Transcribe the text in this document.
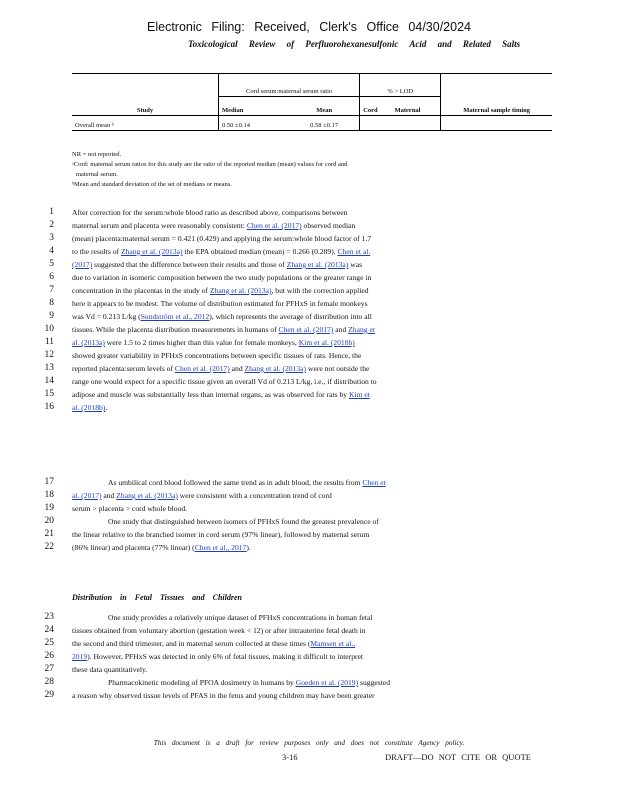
Electronic Filing: Received, Clerk's Office 04/30/2024
Toxicological Review of Perfluorohexanesulfonic Acid and Related Salts
	Cord serum:maternal serum ratio		% > LOD		
Study	Median	Mean	Cord	Maternal	Maternal sample timing
Overall mean ᵇ	0.50 ±0.14	0.58 ±0.17			
NR = not reported.
ᵃCord: maternal serum ratios for this study are the ratio of the reported median (mean) values for cord and
maternal serum.
ᵇMean and standard deviation of the set of medians or means.
1 After correction for the serum:whole blood ratio as described above, comparisons between
2 maternal serum and placenta were reasonably consistent: Chen et al. (2017) observed median
3 (mean) placenta:maternal serum = 0.421 (0.429) and applying the serum:whole blood factor of 1.7
4 to the results of Zhang et al. (2013a) the EPA obtained median (mean) = 0.266 (0.289). Chen et al.
5 (2017) suggested that the difference between their results and those of Zhang et al. (2013a) was
6 due to variation in isomeric composition between the two study populations or the greater range in
7 concentration in the placentas in the study of Zhang et al. (2013a), but with the correction applied
8 here it appears to be modest. The volume of distribution estimated for PFHxS in female monkeys
9 was Vd = 0.213 L/kg (Sundström et al., 2012), which represents the average of distribution into all
10 tissues. While the placenta distribution measurements in humans of Chen et al. (2017) and Zhang et
11 al. (2013a) were 1.5 to 2 times higher than this value for female monkeys, Kim et al. (2018b)
12 showed greater variability in PFHxS concentrations between specific tissues of rats. Hence, the
13 reported placenta:serum levels of Chen et al. (2017) and Zhang et al. (2013a) were not outside the
14 range one would expect for a specific tissue given an overall Vd of 0.213 L/kg, i.e., if distribution to
15 adipose and muscle was substantially less than internal organs, as was observed for rats by Kim et
16 al. (2018b).
17	As umbilical cord blood followed the same trend as in adult blood, the results from Chen et
18 al. (2017) and Zhang et al. (2013a) were consistent with a concentration trend of cord
19 serum > placenta > cord whole blood.
20	One study that distinguished between isomers of PFHxS found the greatest prevalence of
21 the linear relative to the branched isomer in cord serum (97% linear), followed by maternal serum
22 (86% linear) and placenta (77% linear) (Chen et al., 2017).
23	One study provides a relatively unique dataset of PFHxS concentrations in human fetal
24 tissues obtained from voluntary abortion (gestation week < 12) or after intrauterine fetal death in
25 the second and third trimester, and in maternal serum collected at these times (Mamsen et al.,
26 2019). However, PFHxS was detected in only 6% of fetal tissues, making it difficult to interpret
27 these data quantitatively.
28	Pharmacokinetic modeling of PFOA dosimetry in humans by Goeden et al. (2019) suggested
29 a reason why observed tissue levels of PFAS in the fetus and young children may have been greater
Distribution in Fetal Tissues and Children
This document is a draft for review purposes only and does not constitute Agency policy.
3-16	DRAFT—DO NOT CITE OR QUOTE
